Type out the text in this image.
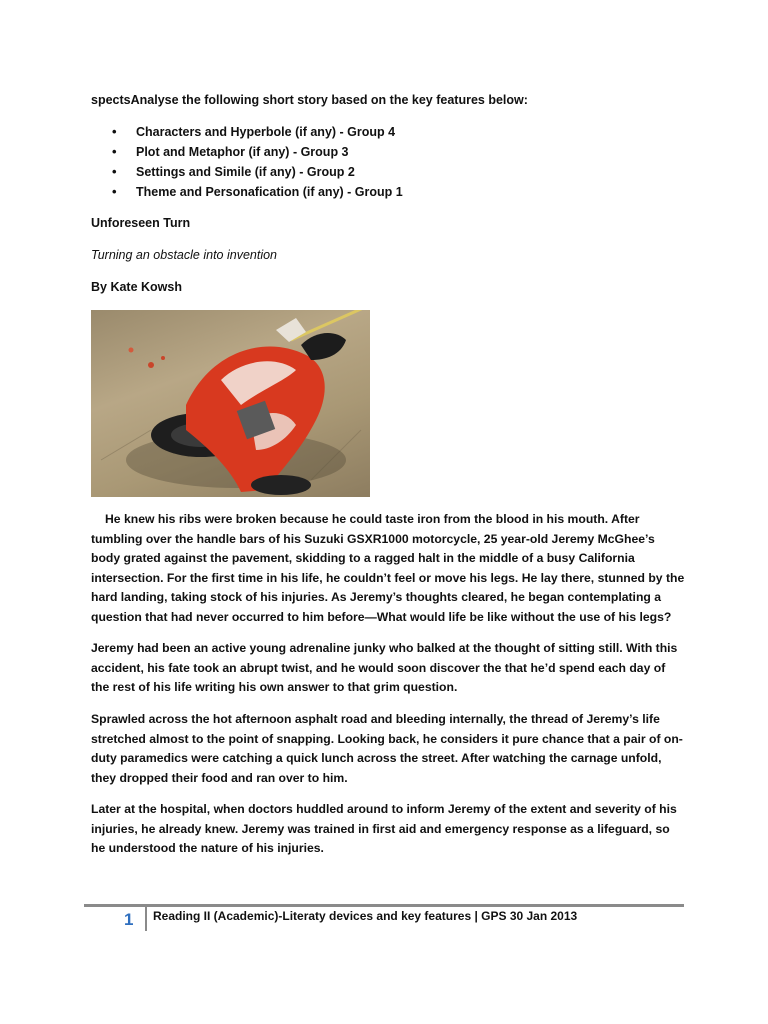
spectsAnalyse the following short story based on the key features below:
• Characters and Hyperbole (if any) - Group 4
• Plot and Metaphor (if any) - Group 3
• Settings and Simile (if any) - Group 2
• Theme and Personafication (if any) - Group 1
Unforeseen Turn
Turning an obstacle into invention
By Kate Kowsh

He knew his ribs were broken because he could taste iron from the blood in his mouth. After tumbling over the handle bars of his Suzuki GSXR1000 motorcycle, 25 year-old Jeremy McGhee’s body grated against the pavement, skidding to a ragged halt in the middle of a busy California intersection. For the first time in his life, he couldn’t feel or move his legs. He lay there, stunned by the hard landing, taking stock of his injuries. As Jeremy’s thoughts cleared, he began contemplating a question that had never occurred to him before—What would life be like without the use of his legs?

Jeremy had been an active young adrenaline junky who balked at the thought of sitting still. With this accident, his fate took an abrupt twist, and he would soon discover the that he’d spend each day of the rest of his life writing his own answer to that grim question.

Sprawled across the hot afternoon asphalt road and bleeding internally, the thread of Jeremy’s life stretched almost to the point of snapping. Looking back, he considers it pure chance that a pair of on-duty paramedics were catching a quick lunch across the street. After watching the carnage unfold, they dropped their food and ran over to him.

Later at the hospital, when doctors huddled around to inform Jeremy of the extent and severity of his injuries, he already knew. Jeremy was trained in first aid and emergency response as a lifeguard, so he understood the nature of his injuries.

1 Reading II (Academic)-Literaty devices and key features | GPS 30 Jan 2013
